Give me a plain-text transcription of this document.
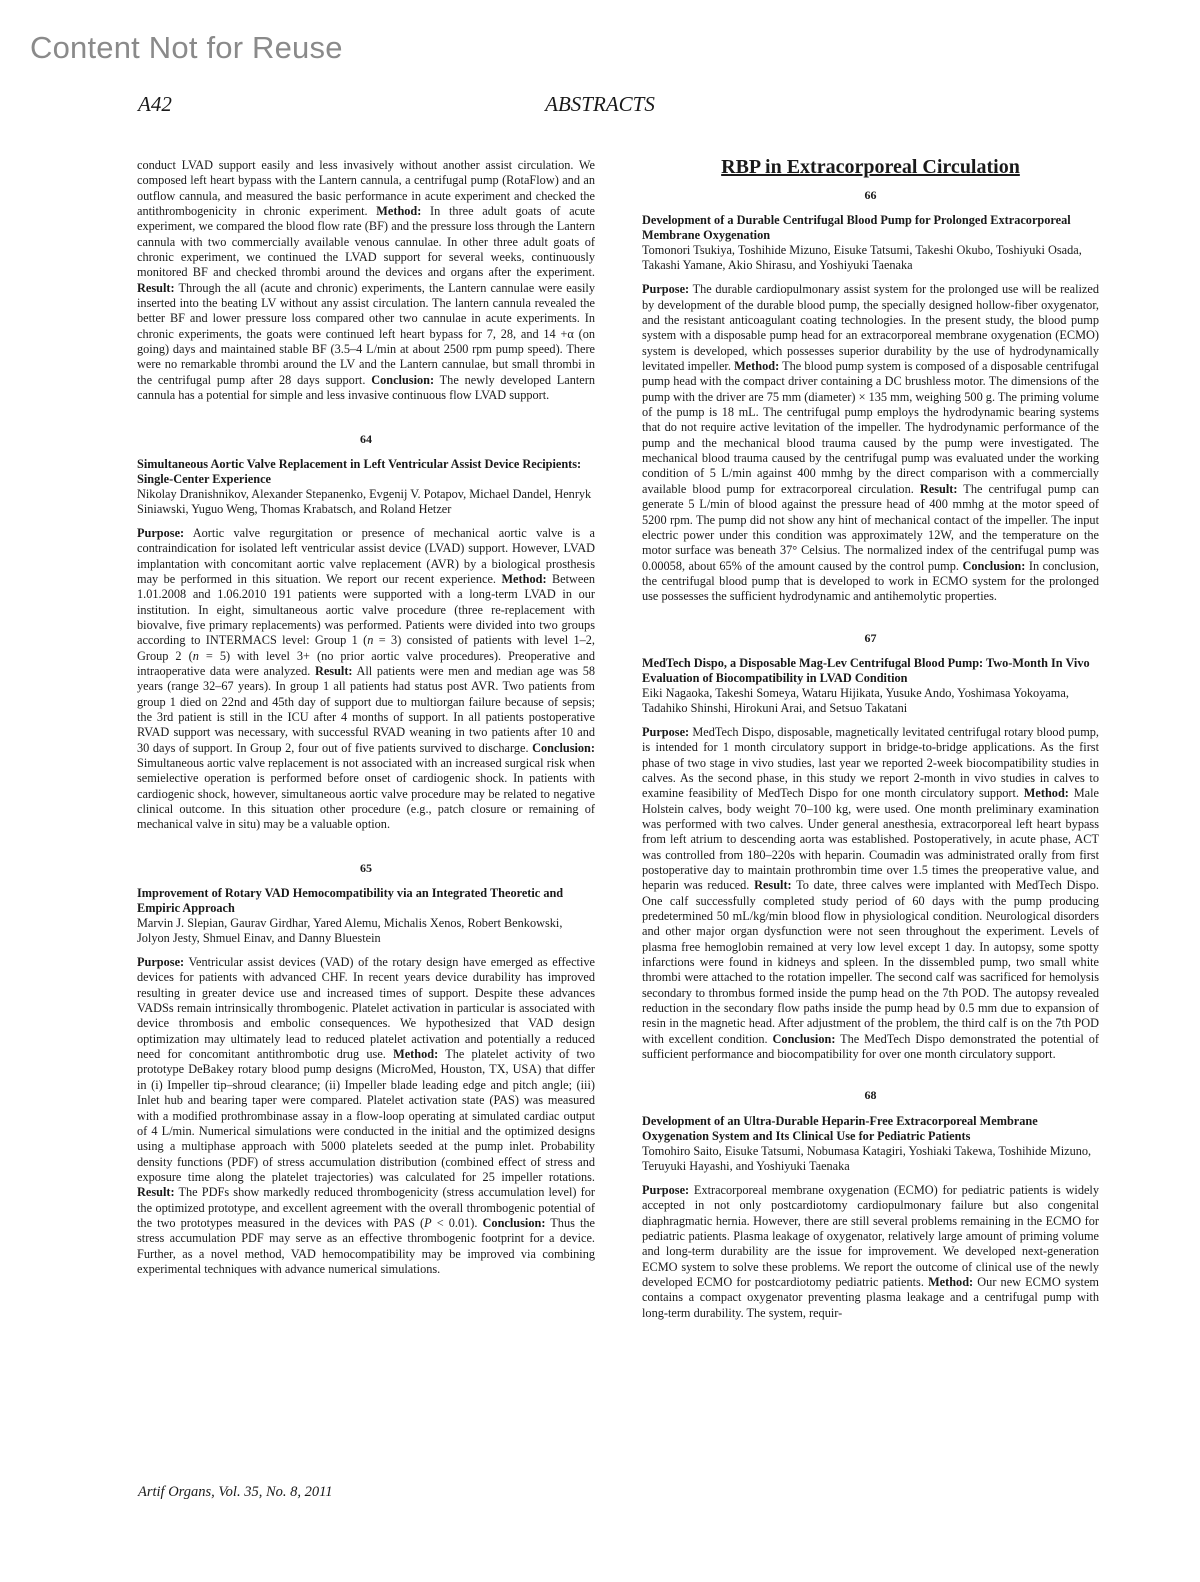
Content Not for Reuse
A42	ABSTRACTS

conduct LVAD support easily and less invasively without another assist circulation. We composed left heart bypass with the Lantern cannula, a centrifugal pump (RotaFlow) and an outflow cannula, and measured the basic performance in acute experiment and checked the antithrombogenicity in chronic experiment. Method: In three adult goats of acute experiment, we compared the blood flow rate (BF) and the pressure loss through the Lantern cannula with two commercially available venous cannulae. In other three adult goats of chronic experiment, we continued the LVAD support for several weeks, continuously monitored BF and checked thrombi around the devices and organs after the experiment. Result: Through the all (acute and chronic) experiments, the Lantern cannulae were easily inserted into the beating LV without any assist circulation. The lantern cannula revealed the better BF and lower pressure loss compared other two cannulae in acute experiments. In chronic experiments, the goats were continued left heart bypass for 7, 28, and 14 +α (on going) days and maintained stable BF (3.5–4 L/min at about 2500 rpm pump speed). There were no remarkable thrombi around the LV and the Lantern cannulae, but small thrombi in the centrifugal pump after 28 days support. Conclusion: The newly developed Lantern cannula has a potential for simple and less invasive continuous flow LVAD support.

64

Simultaneous Aortic Valve Replacement in Left Ventricular Assist Device Recipients: Single-Center Experience

Nikolay Dranishnikov, Alexander Stepanenko, Evgenij V. Potapov, Michael Dandel, Henryk Siniawski, Yuguo Weng, Thomas Krabatsch, and Roland Hetzer

Purpose: Aortic valve regurgitation or presence of mechanical aortic valve is a contraindication for isolated left ventricular assist device (LVAD) support. However, LVAD implantation with concomitant aortic valve replacement (AVR) by a biological prosthesis may be performed in this situation. We report our recent experience. Method: Between 1.01.2008 and 1.06.2010 191 patients were supported with a long-term LVAD in our institution. In eight, simultaneous aortic valve procedure (three re-replacement with biovalve, five primary replacements) was performed. Patients were divided into two groups according to INTERMACS level: Group 1 (n = 3) consisted of patients with level 1–2, Group 2 (n = 5) with level 3+ (no prior aortic valve procedures). Preoperative and intraoperative data were analyzed. Result: All patients were men and median age was 58 years (range 32–67 years). In group 1 all patients had status post AVR. Two patients from group 1 died on 22nd and 45th day of support due to multiorgan failure because of sepsis; the 3rd patient is still in the ICU after 4 months of support. In all patients postoperative RVAD support was necessary, with successful RVAD weaning in two patients after 10 and 30 days of support. In Group 2, four out of five patients survived to discharge. Conclusion: Simultaneous aortic valve replacement is not associated with an increased surgical risk when semielective operation is performed before onset of cardiogenic shock. In patients with cardiogenic shock, however, simultaneous aortic valve procedure may be related to negative clinical outcome. In this situation other procedure (e.g., patch closure or remaining of mechanical valve in situ) may be a valuable option.

65

Improvement of Rotary VAD Hemocompatibility via an Integrated Theoretic and Empiric Approach

Marvin J. Slepian, Gaurav Girdhar, Yared Alemu, Michalis Xenos, Robert Benkowski, Jolyon Jesty, Shmuel Einav, and Danny Bluestein

Purpose: Ventricular assist devices (VAD) of the rotary design have emerged as effective devices for patients with advanced CHF. In recent years device durability has improved resulting in greater device use and increased times of support. Despite these advances VADSs remain intrinsically thrombogenic. Platelet activation in particular is associated with device thrombosis and embolic consequences. We hypothesized that VAD design optimization may ultimately lead to reduced platelet activation and potentially a reduced need for concomitant antithrombotic drug use. Method: The platelet activity of two prototype DeBakey rotary blood pump designs (MicroMed, Houston, TX, USA) that differ in (i) Impeller tip–shroud clearance; (ii) Impeller blade leading edge and pitch angle; (iii) Inlet hub and bearing taper were compared. Platelet activation state (PAS) was measured with a modified prothrombinase assay in a flow-loop operating at simulated cardiac output of 4 L/min. Numerical simulations were conducted in the initial and the optimized designs using a multiphase approach with 5000 platelets seeded at the pump inlet. Probability density functions (PDF) of stress accumulation distribution (combined effect of stress and exposure time along the platelet trajectories) was calculated for 25 impeller rotations. Result: The PDFs show markedly reduced thrombogenicity (stress accumulation level) for the optimized prototype, and excellent agreement with the overall thrombogenic potential of the two prototypes measured in the devices with PAS (P < 0.01). Conclusion: Thus the stress accumulation PDF may serve as an effective thrombogenic footprint for a device. Further, as a novel method, VAD hemocompatibility may be improved via combining experimental techniques with advance numerical simulations.

RBP in Extracorporeal Circulation

66

Development of a Durable Centrifugal Blood Pump for Prolonged Extracorporeal Membrane Oxygenation

Tomonori Tsukiya, Toshihide Mizuno, Eisuke Tatsumi, Takeshi Okubo, Toshiyuki Osada, Takashi Yamane, Akio Shirasu, and Yoshiyuki Taenaka

Purpose: The durable cardiopulmonary assist system for the prolonged use will be realized by development of the durable blood pump, the specially designed hollow-fiber oxygenator, and the resistant anticoagulant coating technologies. In the present study, the blood pump system with a disposable pump head for an extracorporeal membrane oxygenation (ECMO) system is developed, which possesses superior durability by the use of hydrodynamically levitated impeller. Method: The blood pump system is composed of a disposable centrifugal pump head with the compact driver containing a DC brushless motor. The dimensions of the pump with the driver are 75 mm (diameter) × 135 mm, weighing 500 g. The priming volume of the pump is 18 mL. The centrifugal pump employs the hydrodynamic bearing systems that do not require active levitation of the impeller. The hydrodynamic performance of the pump and the mechanical blood trauma caused by the pump were investigated. The mechanical blood trauma caused by the centrifugal pump was evaluated under the working condition of 5 L/min against 400 mmhg by the direct comparison with a commercially available blood pump for extracorporeal circulation. Result: The centrifugal pump can generate 5 L/min of blood against the pressure head of 400 mmhg at the motor speed of 5200 rpm. The pump did not show any hint of mechanical contact of the impeller. The input electric power under this condition was approximately 12W, and the temperature on the motor surface was beneath 37° Celsius. The normalized index of the centrifugal pump was 0.00058, about 65% of the amount caused by the control pump. Conclusion: In conclusion, the centrifugal blood pump that is developed to work in ECMO system for the prolonged use possesses the sufficient hydrodynamic and antihemolytic properties.

67

MedTech Dispo, a Disposable Mag-Lev Centrifugal Blood Pump: Two-Month In Vivo Evaluation of Biocompatibility in LVAD Condition

Eiki Nagaoka, Takeshi Someya, Wataru Hijikata, Yusuke Ando, Yoshimasa Yokoyama, Tadahiko Shinshi, Hirokuni Arai, and Setsuo Takatani

Purpose: MedTech Dispo, disposable, magnetically levitated centrifugal rotary blood pump, is intended for 1 month circulatory support in bridge-to-bridge applications. As the first phase of two stage in vivo studies, last year we reported 2-week biocompatibility studies in calves. As the second phase, in this study we report 2-month in vivo studies in calves to examine feasibility of MedTech Dispo for one month circulatory support. Method: Male Holstein calves, body weight 70–100 kg, were used. One month preliminary examination was performed with two calves. Under general anesthesia, extracorporeal left heart bypass from left atrium to descending aorta was established. Postoperatively, in acute phase, ACT was controlled from 180–220s with heparin. Coumadin was administrated orally from first postoperative day to maintain prothrombin time over 1.5 times the preoperative value, and heparin was reduced. Result: To date, three calves were implanted with MedTech Dispo. One calf successfully completed study period of 60 days with the pump producing predetermined 50 mL/kg/min blood flow in physiological condition. Neurological disorders and other major organ dysfunction were not seen throughout the experiment. Levels of plasma free hemoglobin remained at very low level except 1 day. In autopsy, some spotty infarctions were found in kidneys and spleen. In the dissembled pump, two small white thrombi were attached to the rotation impeller. The second calf was sacrificed for hemolysis secondary to thrombus formed inside the pump head on the 7th POD. The autopsy revealed reduction in the secondary flow paths inside the pump head by 0.5 mm due to expansion of resin in the magnetic head. After adjustment of the problem, the third calf is on the 7th POD with excellent condition. Conclusion: The MedTech Dispo demonstrated the potential of sufficient performance and biocompatibility for over one month circulatory support.

68

Development of an Ultra-Durable Heparin-Free Extracorporeal Membrane Oxygenation System and Its Clinical Use for Pediatric Patients

Tomohiro Saito, Eisuke Tatsumi, Nobumasa Katagiri, Yoshiaki Takewa, Toshihide Mizuno, Teruyuki Hayashi, and Yoshiyuki Taenaka

Purpose: Extracorporeal membrane oxygenation (ECMO) for pediatric patients is widely accepted in not only postcardiotomy cardiopulmonary failure but also congenital diaphragmatic hernia. However, there are still several problems remaining in the ECMO for pediatric patients. Plasma leakage of oxygenator, relatively large amount of priming volume and long-term durability are the issue for improvement. We developed next-generation ECMO system to solve these problems. We report the outcome of clinical use of the newly developed ECMO for postcardiotomy pediatric patients. Method: Our new ECMO system contains a compact oxygenator preventing plasma leakage and a centrifugal pump with long-term durability. The system, requir-

Artif Organs, Vol. 35, No. 8, 2011
